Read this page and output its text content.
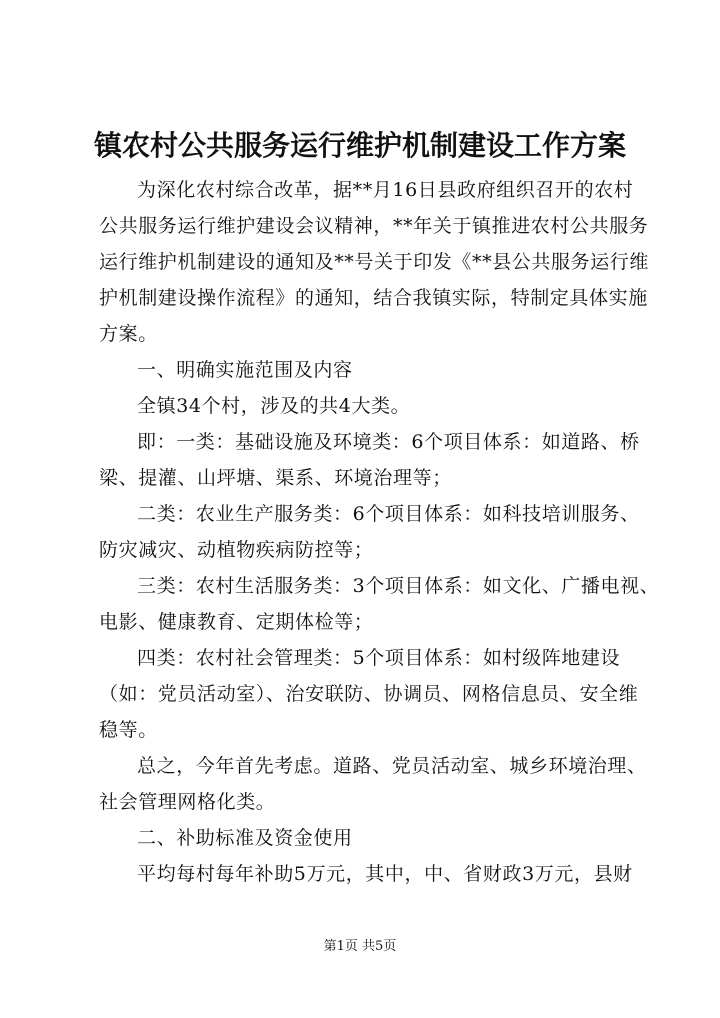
镇农村公共服务运行维护机制建设工作方案
为深化农村综合改革，据**月16日县政府组织召开的农村
公共服务运行维护建设会议精神，**年关于镇推进农村公共服务
运行维护机制建设的通知及**号关于印发《**县公共服务运行维
护机制建设操作流程》的通知，结合我镇实际，特制定具体实施
方案。
一、明确实施范围及内容
全镇34个村，涉及的共4大类。
即：一类：基础设施及环境类：6个项目体系：如道路、桥
梁、提灌、山坪塘、渠系、环境治理等；
二类：农业生产服务类：6个项目体系：如科技培训服务、
防灾减灾、动植物疾病防控等；
三类：农村生活服务类：3个项目体系：如文化、广播电视、
电影、健康教育、定期体检等；
四类：农村社会管理类：5个项目体系：如村级阵地建设
（如：党员活动室）、治安联防、协调员、网格信息员、安全维
稳等。
总之，今年首先考虑。道路、党员活动室、城乡环境治理、
社会管理网格化类。
二、补助标准及资金使用
平均每村每年补助5万元，其中，中、省财政3万元，县财
第1页 共5页
